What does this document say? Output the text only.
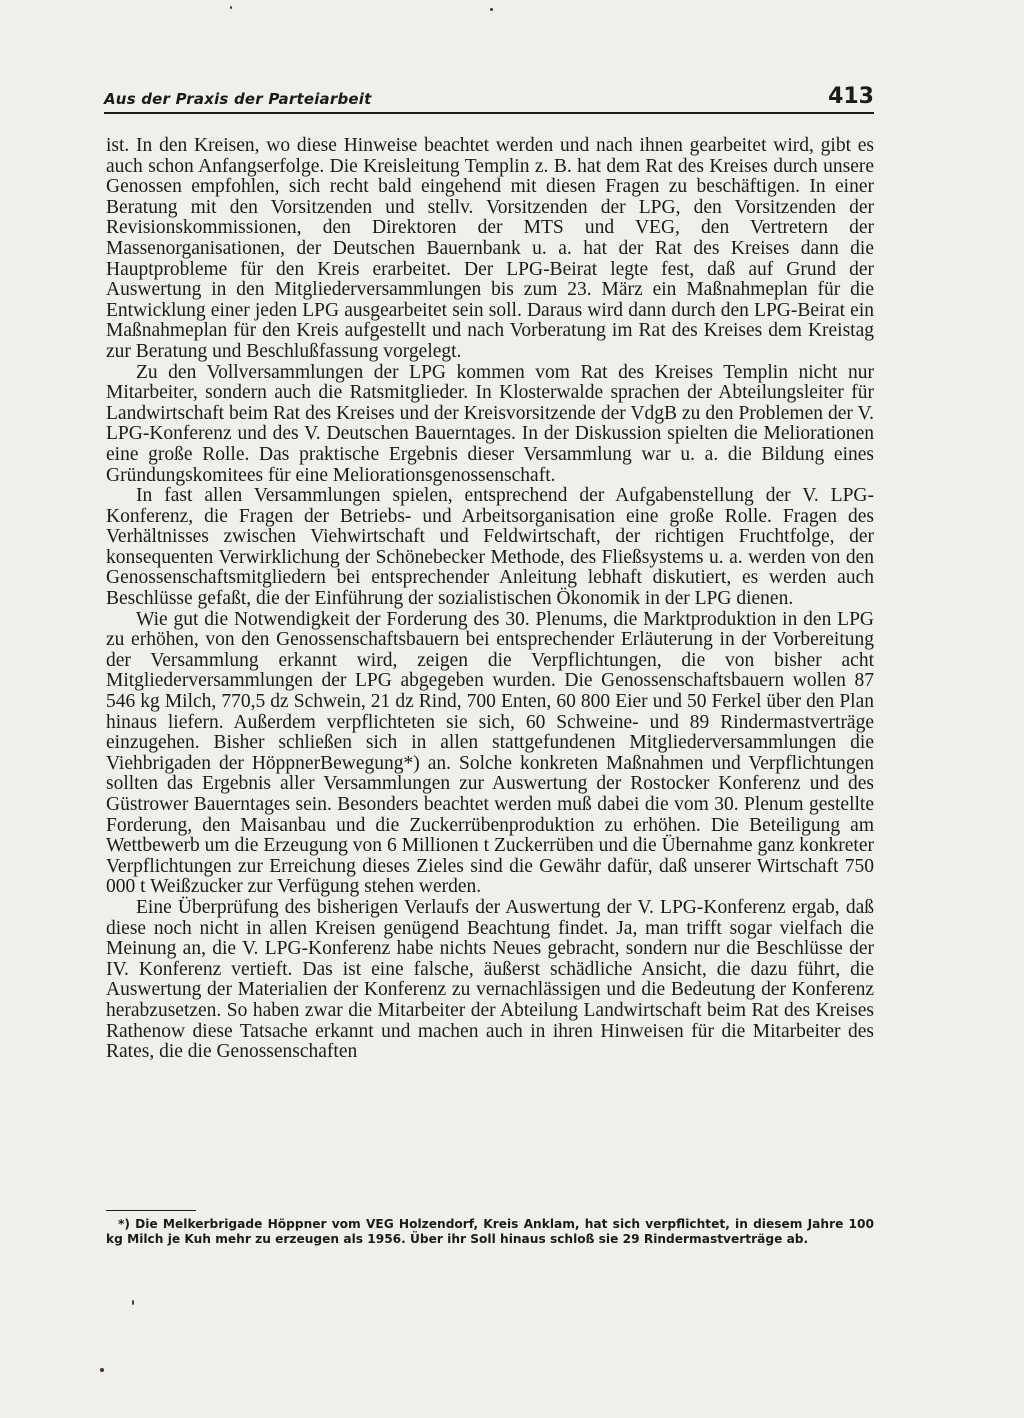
Aus der Praxis der Parteiarbeit	413

ist. In den Kreisen, wo diese Hinweise beachtet werden und nach ihnen gearbeitet wird, gibt es auch schon Anfangserfolge. Die Kreisleitung Templin z. B. hat dem Rat des Kreises durch unsere Genossen empfohlen, sich recht bald eingehend mit diesen Fragen zu beschäftigen. In einer Beratung mit den Vorsitzenden und stellv. Vorsitzenden der LPG, den Vorsitzenden der Revisionskommissionen, den Direktoren der MTS und VEG, den Vertretern der Massenorganisationen, der Deutschen Bauernbank u. a. hat der Rat des Kreises dann die Hauptprobleme für den Kreis erarbeitet. Der LPG-Beirat legte fest, daß auf Grund der Auswertung in den Mitgliederversammlungen bis zum 23. März ein Maßnahmeplan für die Entwicklung einer jeden LPG ausgearbeitet sein soll. Daraus wird dann durch den LPG-Beirat ein Maßnahmeplan für den Kreis aufgestellt und nach Vorberatung im Rat des Kreises dem Kreistag zur Beratung und Beschlußfassung vorgelegt.

Zu den Vollversammlungen der LPG kommen vom Rat des Kreises Templin nicht nur Mitarbeiter, sondern auch die Ratsmitglieder. In Klosterwalde sprachen der Abteilungsleiter für Landwirtschaft beim Rat des Kreises und der Kreisvorsitzende der VdgB zu den Problemen der V. LPG-Konferenz und des V. Deutschen Bauerntages. In der Diskussion spielten die Meliorationen eine große Rolle. Das praktische Ergebnis dieser Versammlung war u. a. die Bildung eines Gründungskomitees für eine Meliorationsgenossenschaft.

In fast allen Versammlungen spielen, entsprechend der Aufgabenstellung der V. LPG-Konferenz, die Fragen der Betriebs- und Arbeitsorganisation eine große Rolle. Fragen des Verhältnisses zwischen Viehwirtschaft und Feldwirtschaft, der richtigen Fruchtfolge, der konsequenten Verwirklichung der Schönebecker Methode, des Fließsystems u. a. werden von den Genossenschaftsmitgliedern bei entsprechender Anleitung lebhaft diskutiert, es werden auch Beschlüsse gefaßt, die der Einführung der sozialistischen Ökonomik in der LPG dienen.

Wie gut die Notwendigkeit der Forderung des 30. Plenums, die Marktproduktion in den LPG zu erhöhen, von den Genossenschaftsbauern bei entsprechender Erläuterung in der Vorbereitung der Versammlung erkannt wird, zeigen die Verpflichtungen, die von bisher acht Mitgliederversammlungen der LPG abgegeben wurden. Die Genossenschaftsbauern wollen 87 546 kg Milch, 770,5 dz Schwein, 21 dz Rind, 700 Enten, 60 800 Eier und 50 Ferkel über den Plan hinaus liefern. Außerdem verpflichteten sie sich, 60 Schweine- und 89 Rindermastverträge einzugehen. Bisher schließen sich in allen stattgefundenen Mitgliederversammlungen die Viehbrigaden der HöppnerBewegung*) an. Solche konkreten Maßnahmen und Verpflichtungen sollten das Ergebnis aller Versammlungen zur Auswertung der Rostocker Konferenz und des Güstrower Bauerntages sein. Besonders beachtet werden muß dabei die vom 30. Plenum gestellte Forderung, den Maisanbau und die Zuckerrübenproduktion zu erhöhen. Die Beteiligung am Wettbewerb um die Erzeugung von 6 Millionen t Zuckerrüben und die Übernahme ganz konkreter Verpflichtungen zur Erreichung dieses Zieles sind die Gewähr dafür, daß unserer Wirtschaft 750 000 t Weißzucker zur Verfügung stehen werden.

Eine Überprüfung des bisherigen Verlaufs der Auswertung der V. LPG-Konferenz ergab, daß diese noch nicht in allen Kreisen genügend Beachtung findet. Ja, man trifft sogar vielfach die Meinung an, die V. LPG-Konferenz habe nichts Neues gebracht, sondern nur die Beschlüsse der IV. Konferenz vertieft. Das ist eine falsche, äußerst schädliche Ansicht, die dazu führt, die Auswertung der Materialien der Konferenz zu vernachlässigen und die Bedeutung der Konferenz herabzusetzen. So haben zwar die Mitarbeiter der Abteilung Landwirtschaft beim Rat des Kreises Rathenow diese Tatsache erkannt und machen auch in ihren Hinweisen für die Mitarbeiter des Rates, die die Genossenschaften

*) Die Melkerbrigade Höppner vom VEG Holzendorf, Kreis Anklam, hat sich verpflichtet, in diesem Jahre 100 kg Milch je Kuh mehr zu erzeugen als 1956. Über ihr Soll hinaus schloß sie 29 Rindermastverträge ab.
